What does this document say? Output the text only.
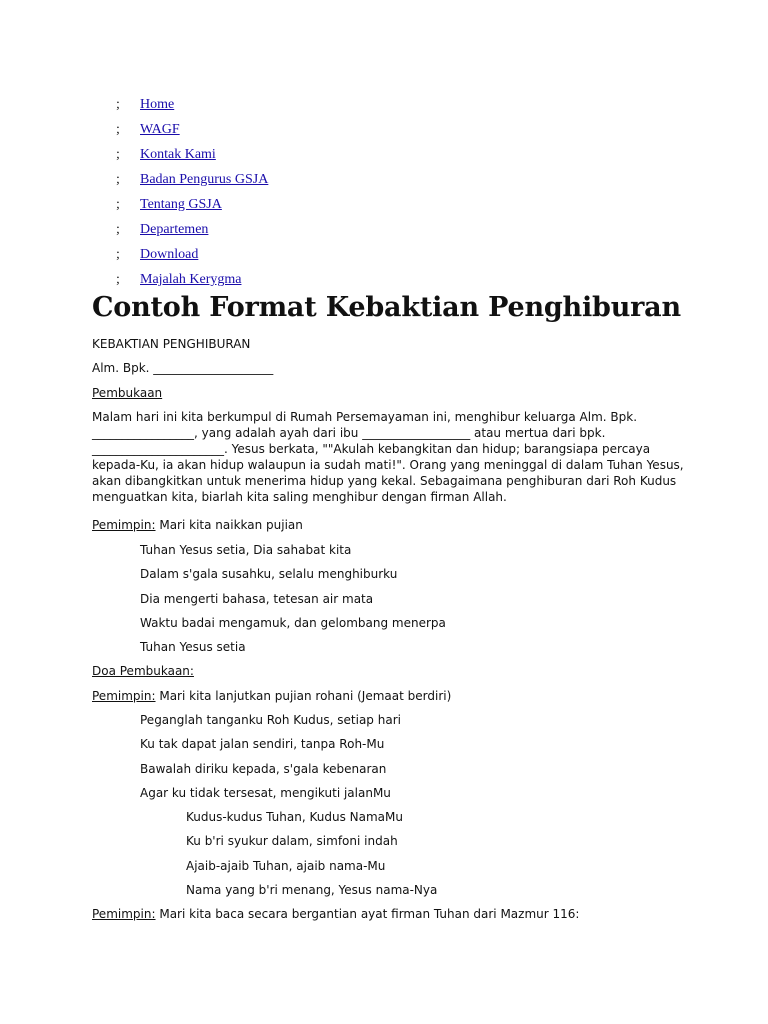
;	Home
;	WAGF
;	Kontak Kami
;	Badan Pengurus GSJA
;	Tentang GSJA
;	Departemen
;	Download
;	Majalah Kerygma
Contoh Format Kebaktian Penghiburan
KEBAKTIAN PENGHIBURAN
Alm. Bpk. ____________________
Pembukaan
Malam hari ini kita berkumpul di Rumah Persemayaman ini, menghibur keluarga Alm. Bpk.
_________________, yang adalah ayah dari ibu __________________ atau mertua dari bpk.
______________________. Yesus berkata, ""Akulah kebangkitan dan hidup; barangsiapa percaya
kepada-Ku, ia akan hidup walaupun ia sudah mati!". Orang yang meninggal di dalam Tuhan Yesus,
akan dibangkitkan untuk menerima hidup yang kekal. Sebagaimana penghiburan dari Roh Kudus
menguatkan kita, biarlah kita saling menghibur dengan firman Allah.
Pemimpin: Mari kita naikkan pujian
Tuhan Yesus setia, Dia sahabat kita
Dalam s'gala susahku, selalu menghiburku
Dia mengerti bahasa, tetesan air mata
Waktu badai mengamuk, dan gelombang menerpa
Tuhan Yesus setia
Doa Pembukaan:
Pemimpin: Mari kita lanjutkan pujian rohani (Jemaat berdiri)
Peganglah tanganku Roh Kudus, setiap hari
Ku tak dapat jalan sendiri, tanpa Roh-Mu
Bawalah diriku kepada, s'gala kebenaran
Agar ku tidak tersesat, mengikuti jalanMu
Kudus-kudus Tuhan, Kudus NamaMu
Ku b'ri syukur dalam, simfoni indah
Ajaib-ajaib Tuhan, ajaib nama-Mu
Nama yang b'ri menang, Yesus nama-Nya
Pemimpin: Mari kita baca secara bergantian ayat firman Tuhan dari Mazmur 116:
